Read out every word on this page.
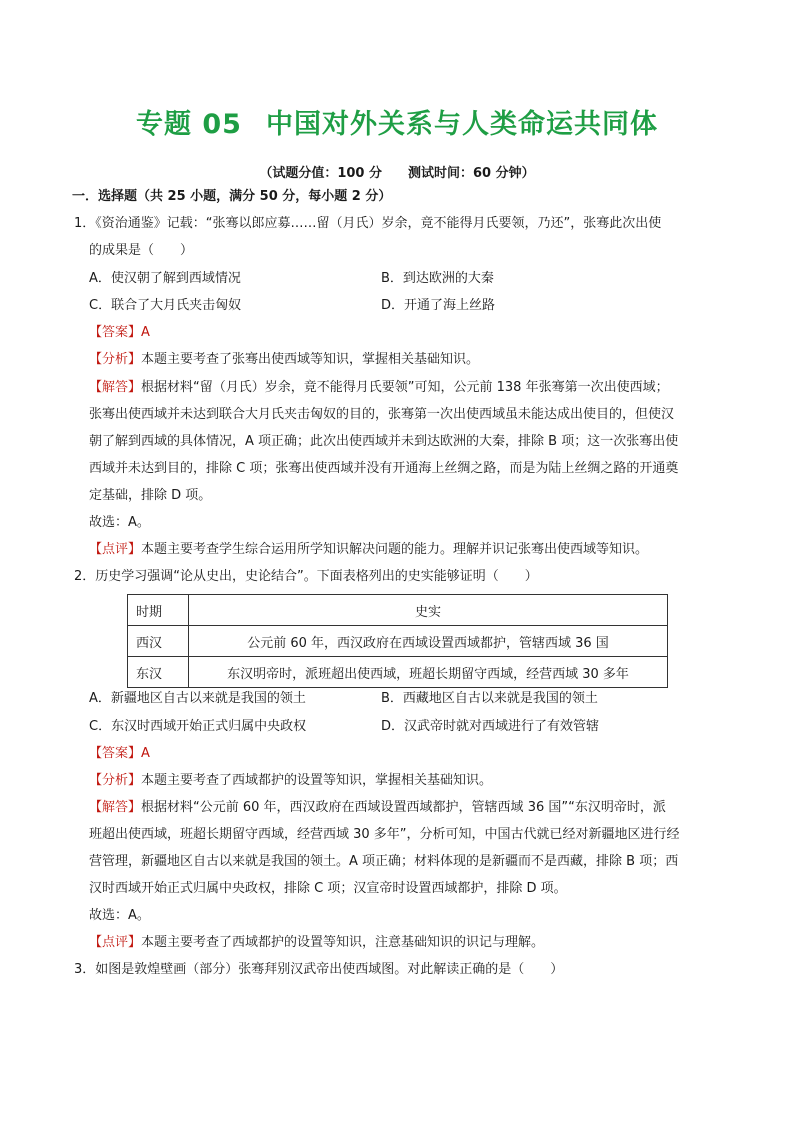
专题 05 中国对外关系与人类命运共同体
（试题分值：100 分 测试时间：60 分钟）
一．选择题（共 25 小题，满分 50 分，每小题 2 分）
1．《资治通鉴》记载：“张骞以郎应募……留（月氏）岁余，竟不能得月氏要领，乃还”，张骞此次出使
的成果是（　　）
A．使汉朝了解到西域情况	B．到达欧洲的大秦
C．联合了大月氏夹击匈奴	D．开通了海上丝路
【答案】A
【分析】本题主要考查了张骞出使西域等知识，掌握相关基础知识。
【解答】根据材料“留（月氏）岁余，竟不能得月氏要领”可知，公元前 138 年张骞第一次出使西域；
张骞出使西域并未达到联合大月氏夹击匈奴的目的，张骞第一次出使西域虽未能达成出使目的，但使汉
朝了解到西域的具体情况，A 项正确；此次出使西域并未到达欧洲的大秦，排除 B 项；这一次张骞出使
西域并未达到目的，排除 C 项；张骞出使西域并没有开通海上丝绸之路，而是为陆上丝绸之路的开通奠
定基础，排除 D 项。
故选：A。
【点评】本题主要考查学生综合运用所学知识解决问题的能力。理解并识记张骞出使西域等知识。
2．历史学习强调“论从史出，史论结合”。下面表格列出的史实能够证明（　　）
时期	史实
西汉	公元前 60 年，西汉政府在西域设置西域都护，管辖西域 36 国
东汉	东汉明帝时，派班超出使西域，班超长期留守西域，经营西域 30 多年
A．新疆地区自古以来就是我国的领土	B．西藏地区自古以来就是我国的领土
C．东汉时西域开始正式归属中央政权	D．汉武帝时就对西域进行了有效管辖
【答案】A
【分析】本题主要考查了西域都护的设置等知识，掌握相关基础知识。
【解答】根据材料“公元前 60 年，西汉政府在西域设置西域都护，管辖西域 36 国”“东汉明帝时，派
班超出使西域，班超长期留守西域，经营西域 30 多年”，分析可知，中国古代就已经对新疆地区进行经
营管理，新疆地区自古以来就是我国的领土。A 项正确；材料体现的是新疆而不是西藏，排除 B 项；西
汉时西域开始正式归属中央政权，排除 C 项；汉宣帝时设置西域都护，排除 D 项。
故选：A。
【点评】本题主要考查了西域都护的设置等知识，注意基础知识的识记与理解。
3．如图是敦煌壁画（部分）张骞拜别汉武帝出使西域图。对此解读正确的是（　　）
